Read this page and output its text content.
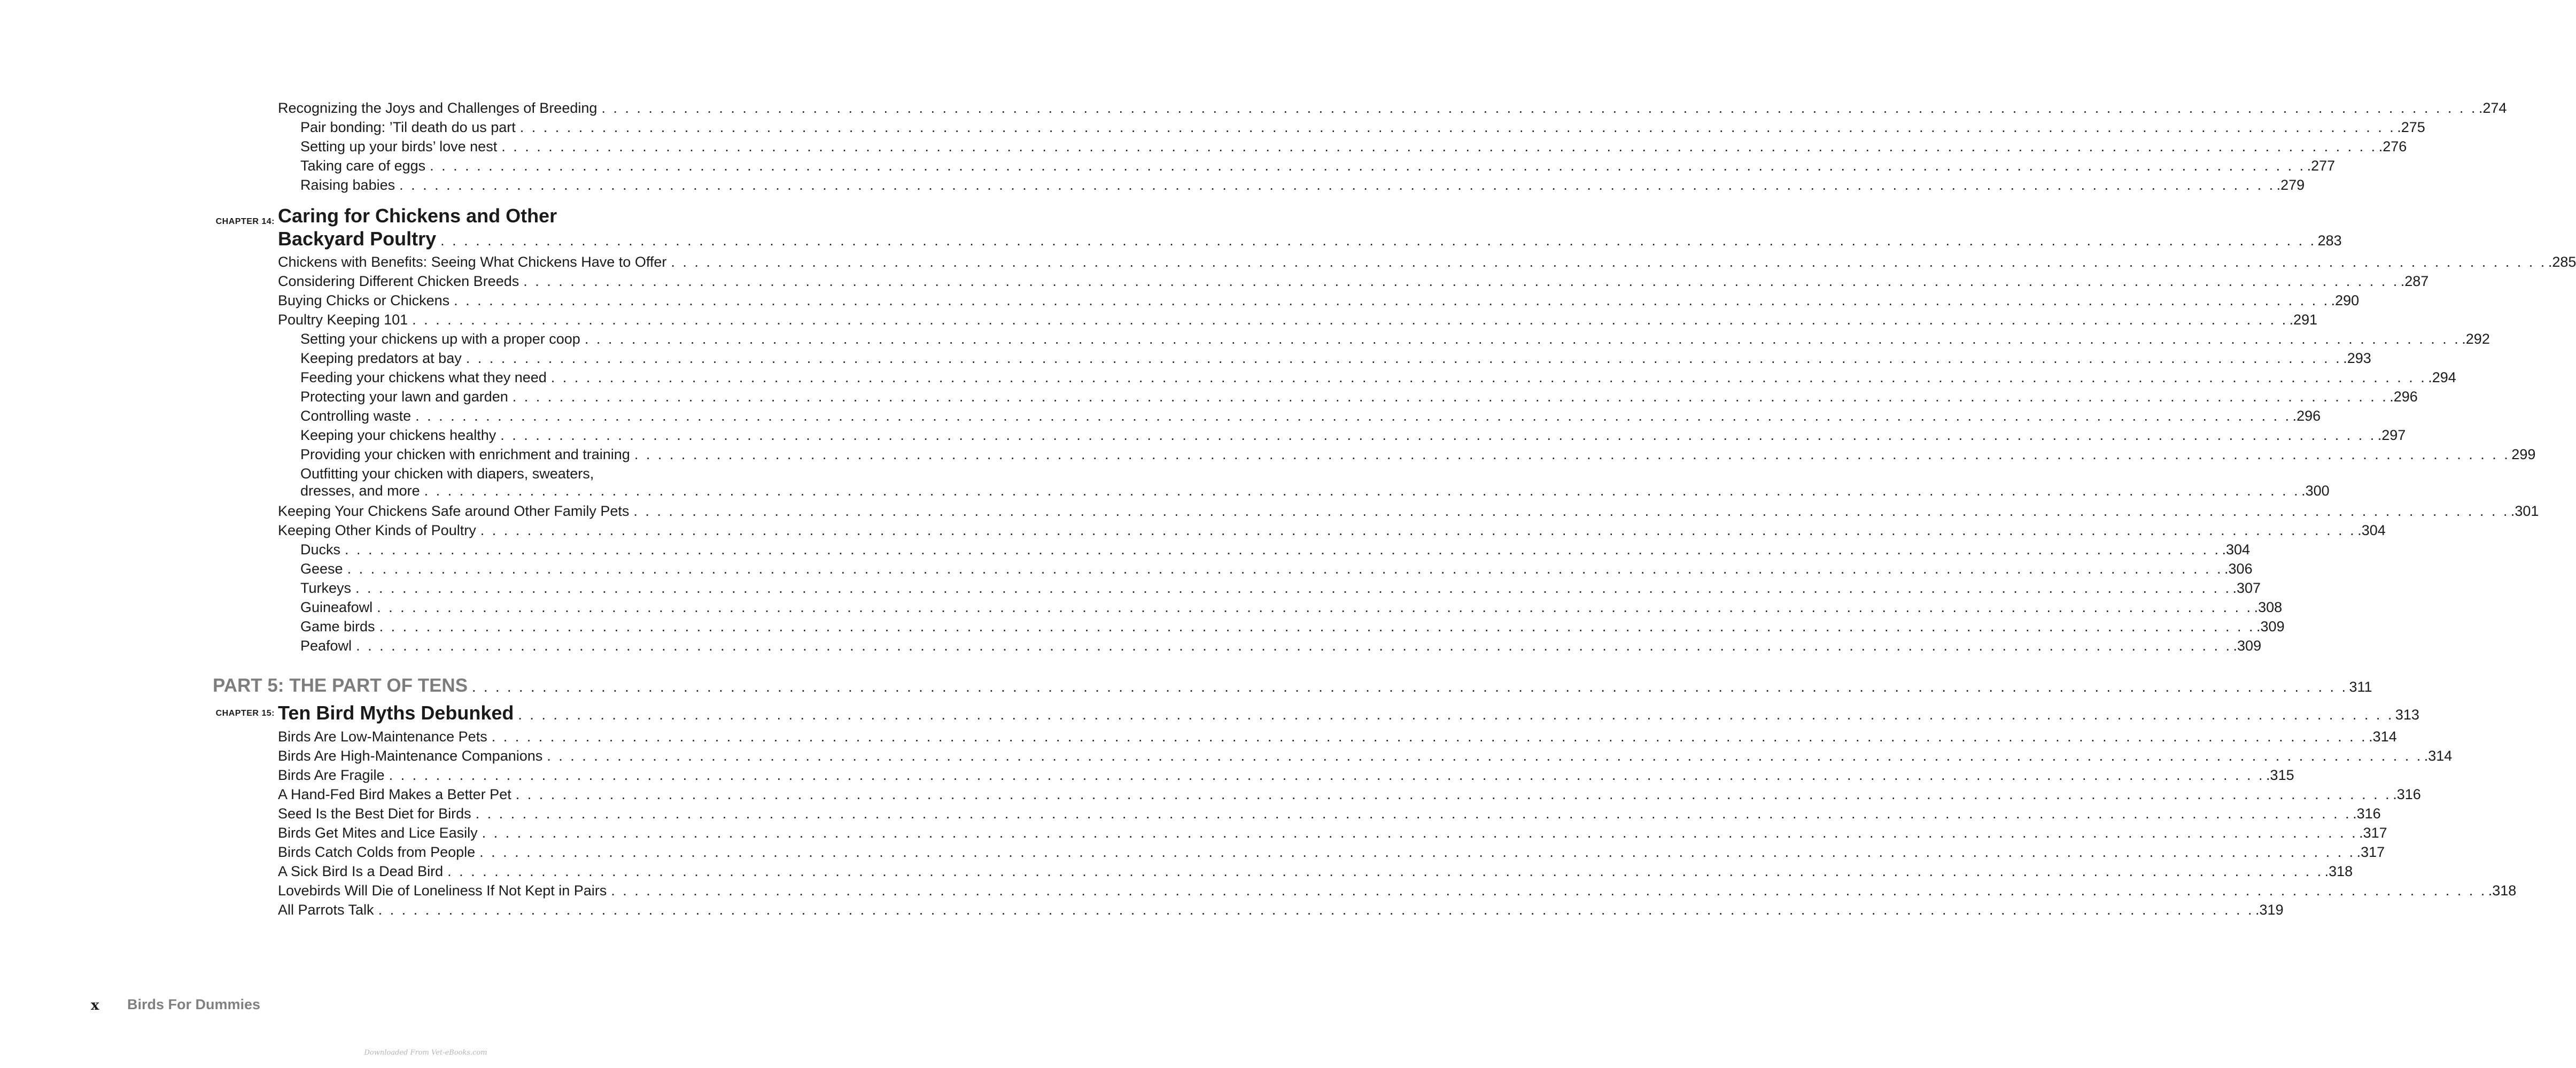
Recognizing the Joys and Challenges of Breeding . . . . . . . . . . . . . . . . . . . . . . . . . . . . . . . . . . . . . . . . . . . . . . . . . . . . . . . . . . . . . . . . . . . . . . . . . . . . . . . . . . . . . . . . . . . . . . . . . . . . . . . . . . . . . . . . . . . . . . . . . . . . . . . . . . . . . . . . . . . . . . . . . . . . . . . . . . . . . . . . .274
Pair bonding: ’Til death do us part . . . . . . . . . . . . . . . . . . . . . . . . . . . . . . . . . . . . . . . . . . . . . . . . . . . . . . . . . . . . . . . . . . . . . . . . . . . . . . . . . . . . . . . . . . . . . . . . . . . . . . . . . . . . . . . . . . . . . . . . . . . . . . . . . . . . . . . . . . . . . . . . . . . . . . . . . . . . . . . . .275
Setting up your birds’ love nest . . . . . . . . . . . . . . . . . . . . . . . . . . . . . . . . . . . . . . . . . . . . . . . . . . . . . . . . . . . . . . . . . . . . . . . . . . . . . . . . . . . . . . . . . . . . . . . . . . . . . . . . . . . . . . . . . . . . . . . . . . . . . . . . . . . . . . . . . . . . . . . . . . . . . . . . . . . . . . . . .276
Taking care of eggs . . . . . . . . . . . . . . . . . . . . . . . . . . . . . . . . . . . . . . . . . . . . . . . . . . . . . . . . . . . . . . . . . . . . . . . . . . . . . . . . . . . . . . . . . . . . . . . . . . . . . . . . . . . . . . . . . . . . . . . . . . . . . . . . . . . . . . . . . . . . . . . . . . . . . . . . . . . . . . . . .277
Raising babies . . . . . . . . . . . . . . . . . . . . . . . . . . . . . . . . . . . . . . . . . . . . . . . . . . . . . . . . . . . . . . . . . . . . . . . . . . . . . . . . . . . . . . . . . . . . . . . . . . . . . . . . . . . . . . . . . . . . . . . . . . . . . . . . . . . . . . . . . . . . . . . . . . . . . . . . . . . . . . . . .279
CHAPTER 14: Caring for Chickens and Other
Backyard Poultry . . . . . . . . . . . . . . . . . . . . . . . . . . . . . . . . . . . . . . . . . . . . . . . . . . . . . . . . . . . . . . . . . . . . . . . . . . . . . . . . . . . . . . . . . . . . . . . . . . . . . . . . . . . . . . . . . . . . . . . . . . . . . . . . . . . . . . . . . . . . . . . . . . . . . . . . . . . . . . . . 283
Chickens with Benefits: Seeing What Chickens Have to Offer . . . . . . . . . . . . . . . . . . . . . . . . . . . . . . . . . . . . . . . . . . . . . . . . . . . . . . . . . . . . . . . . . . . . . . . . . . . . . . . . . . . . . . . . . . . . . . . . . . . . . . . . . . . . . . . . . . . . . . . . . . . . . . . . . . . . . . . . . . . . . . . . . . . . . . . . . . . . . . . . .285
Considering Different Chicken Breeds . . . . . . . . . . . . . . . . . . . . . . . . . . . . . . . . . . . . . . . . . . . . . . . . . . . . . . . . . . . . . . . . . . . . . . . . . . . . . . . . . . . . . . . . . . . . . . . . . . . . . . . . . . . . . . . . . . . . . . . . . . . . . . . . . . . . . . . . . . . . . . . . . . . . . . . . . . . . . . . . .287
Buying Chicks or Chickens . . . . . . . . . . . . . . . . . . . . . . . . . . . . . . . . . . . . . . . . . . . . . . . . . . . . . . . . . . . . . . . . . . . . . . . . . . . . . . . . . . . . . . . . . . . . . . . . . . . . . . . . . . . . . . . . . . . . . . . . . . . . . . . . . . . . . . . . . . . . . . . . . . . . . . . . . . . . . . . . .290
Poultry Keeping 101 . . . . . . . . . . . . . . . . . . . . . . . . . . . . . . . . . . . . . . . . . . . . . . . . . . . . . . . . . . . . . . . . . . . . . . . . . . . . . . . . . . . . . . . . . . . . . . . . . . . . . . . . . . . . . . . . . . . . . . . . . . . . . . . . . . . . . . . . . . . . . . . . . . . . . . . . . . . . . . . . .291
Setting your chickens up with a proper coop . . . . . . . . . . . . . . . . . . . . . . . . . . . . . . . . . . . . . . . . . . . . . . . . . . . . . . . . . . . . . . . . . . . . . . . . . . . . . . . . . . . . . . . . . . . . . . . . . . . . . . . . . . . . . . . . . . . . . . . . . . . . . . . . . . . . . . . . . . . . . . . . . . . . . . . . . . . . . . . . .292
Keeping predators at bay . . . . . . . . . . . . . . . . . . . . . . . . . . . . . . . . . . . . . . . . . . . . . . . . . . . . . . . . . . . . . . . . . . . . . . . . . . . . . . . . . . . . . . . . . . . . . . . . . . . . . . . . . . . . . . . . . . . . . . . . . . . . . . . . . . . . . . . . . . . . . . . . . . . . . . . . . . . . . . . . .293
Feeding your chickens what they need . . . . . . . . . . . . . . . . . . . . . . . . . . . . . . . . . . . . . . . . . . . . . . . . . . . . . . . . . . . . . . . . . . . . . . . . . . . . . . . . . . . . . . . . . . . . . . . . . . . . . . . . . . . . . . . . . . . . . . . . . . . . . . . . . . . . . . . . . . . . . . . . . . . . . . . . . . . . . . . . .294
Protecting your lawn and garden . . . . . . . . . . . . . . . . . . . . . . . . . . . . . . . . . . . . . . . . . . . . . . . . . . . . . . . . . . . . . . . . . . . . . . . . . . . . . . . . . . . . . . . . . . . . . . . . . . . . . . . . . . . . . . . . . . . . . . . . . . . . . . . . . . . . . . . . . . . . . . . . . . . . . . . . . . . . . . . . .296
Controlling waste . . . . . . . . . . . . . . . . . . . . . . . . . . . . . . . . . . . . . . . . . . . . . . . . . . . . . . . . . . . . . . . . . . . . . . . . . . . . . . . . . . . . . . . . . . . . . . . . . . . . . . . . . . . . . . . . . . . . . . . . . . . . . . . . . . . . . . . . . . . . . . . . . . . . . . . . . . . . . . . . .296
Keeping your chickens healthy . . . . . . . . . . . . . . . . . . . . . . . . . . . . . . . . . . . . . . . . . . . . . . . . . . . . . . . . . . . . . . . . . . . . . . . . . . . . . . . . . . . . . . . . . . . . . . . . . . . . . . . . . . . . . . . . . . . . . . . . . . . . . . . . . . . . . . . . . . . . . . . . . . . . . . . . . . . . . . . . .297
Providing your chicken with enrichment and training . . . . . . . . . . . . . . . . . . . . . . . . . . . . . . . . . . . . . . . . . . . . . . . . . . . . . . . . . . . . . . . . . . . . . . . . . . . . . . . . . . . . . . . . . . . . . . . . . . . . . . . . . . . . . . . . . . . . . . . . . . . . . . . . . . . . . . . . . . . . . . . . . . . . . . . . . . . . . . . . 299
Outfitting your chicken with diapers, sweaters,
dresses, and more . . . . . . . . . . . . . . . . . . . . . . . . . . . . . . . . . . . . . . . . . . . . . . . . . . . . . . . . . . . . . . . . . . . . . . . . . . . . . . . . . . . . . . . . . . . . . . . . . . . . . . . . . . . . . . . . . . . . . . . . . . . . . . . . . . . . . . . . . . . . . . . . . . . . . . . . . . . . . . . . .300
Keeping Your Chickens Safe around Other Family Pets . . . . . . . . . . . . . . . . . . . . . . . . . . . . . . . . . . . . . . . . . . . . . . . . . . . . . . . . . . . . . . . . . . . . . . . . . . . . . . . . . . . . . . . . . . . . . . . . . . . . . . . . . . . . . . . . . . . . . . . . . . . . . . . . . . . . . . . . . . . . . . . . . . . . . . . . . . . . . . . . .301
Keeping Other Kinds of Poultry . . . . . . . . . . . . . . . . . . . . . . . . . . . . . . . . . . . . . . . . . . . . . . . . . . . . . . . . . . . . . . . . . . . . . . . . . . . . . . . . . . . . . . . . . . . . . . . . . . . . . . . . . . . . . . . . . . . . . . . . . . . . . . . . . . . . . . . . . . . . . . . . . . . . . . . . . . . . . . . . .304
Ducks . . . . . . . . . . . . . . . . . . . . . . . . . . . . . . . . . . . . . . . . . . . . . . . . . . . . . . . . . . . . . . . . . . . . . . . . . . . . . . . . . . . . . . . . . . . . . . . . . . . . . . . . . . . . . . . . . . . . . . . . . . . . . . . . . . . . . . . . . . . . . . . . . . . . . . . . . . . . . . . . .304
Geese . . . . . . . . . . . . . . . . . . . . . . . . . . . . . . . . . . . . . . . . . . . . . . . . . . . . . . . . . . . . . . . . . . . . . . . . . . . . . . . . . . . . . . . . . . . . . . . . . . . . . . . . . . . . . . . . . . . . . . . . . . . . . . . . . . . . . . . . . . . . . . . . . . . . . . . . . . . . . . . . .306
Turkeys . . . . . . . . . . . . . . . . . . . . . . . . . . . . . . . . . . . . . . . . . . . . . . . . . . . . . . . . . . . . . . . . . . . . . . . . . . . . . . . . . . . . . . . . . . . . . . . . . . . . . . . . . . . . . . . . . . . . . . . . . . . . . . . . . . . . . . . . . . . . . . . . . . . . . . . . . . . . . . . . .307
Guineafowl . . . . . . . . . . . . . . . . . . . . . . . . . . . . . . . . . . . . . . . . . . . . . . . . . . . . . . . . . . . . . . . . . . . . . . . . . . . . . . . . . . . . . . . . . . . . . . . . . . . . . . . . . . . . . . . . . . . . . . . . . . . . . . . . . . . . . . . . . . . . . . . . . . . . . . . . . . . . . . . . .308
Game birds . . . . . . . . . . . . . . . . . . . . . . . . . . . . . . . . . . . . . . . . . . . . . . . . . . . . . . . . . . . . . . . . . . . . . . . . . . . . . . . . . . . . . . . . . . . . . . . . . . . . . . . . . . . . . . . . . . . . . . . . . . . . . . . . . . . . . . . . . . . . . . . . . . . . . . . . . . . . . . . . .309
Peafowl . . . . . . . . . . . . . . . . . . . . . . . . . . . . . . . . . . . . . . . . . . . . . . . . . . . . . . . . . . . . . . . . . . . . . . . . . . . . . . . . . . . . . . . . . . . . . . . . . . . . . . . . . . . . . . . . . . . . . . . . . . . . . . . . . . . . . . . . . . . . . . . . . . . . . . . . . . . . . . . . .309
PART 5: THE PART OF TENS . . . . . . . . . . . . . . . . . . . . . . . . . . . . . . . . . . . . . . . . . . . . . . . . . . . . . . . . . . . . . . . . . . . . . . . . . . . . . . . . . . . . . . . . . . . . . . . . . . . . . . . . . . . . . . . . . . . . . . . . . . . . . . . . . . . . . . . . . . . . . . . . . . . . . . . . . . . . . . . . 311
CHAPTER 15: Ten Bird Myths Debunked . . . . . . . . . . . . . . . . . . . . . . . . . . . . . . . . . . . . . . . . . . . . . . . . . . . . . . . . . . . . . . . . . . . . . . . . . . . . . . . . . . . . . . . . . . . . . . . . . . . . . . . . . . . . . . . . . . . . . . . . . . . . . . . . . . . . . . . . . . . . . . . . . . . . . . . . . . . . . . . . 313
Birds Are Low-Maintenance Pets . . . . . . . . . . . . . . . . . . . . . . . . . . . . . . . . . . . . . . . . . . . . . . . . . . . . . . . . . . . . . . . . . . . . . . . . . . . . . . . . . . . . . . . . . . . . . . . . . . . . . . . . . . . . . . . . . . . . . . . . . . . . . . . . . . . . . . . . . . . . . . . . . . . . . . . . . . . . . . . . .314
Birds Are High-Maintenance Companions . . . . . . . . . . . . . . . . . . . . . . . . . . . . . . . . . . . . . . . . . . . . . . . . . . . . . . . . . . . . . . . . . . . . . . . . . . . . . . . . . . . . . . . . . . . . . . . . . . . . . . . . . . . . . . . . . . . . . . . . . . . . . . . . . . . . . . . . . . . . . . . . . . . . . . . . . . . . . . . . .314
Birds Are Fragile . . . . . . . . . . . . . . . . . . . . . . . . . . . . . . . . . . . . . . . . . . . . . . . . . . . . . . . . . . . . . . . . . . . . . . . . . . . . . . . . . . . . . . . . . . . . . . . . . . . . . . . . . . . . . . . . . . . . . . . . . . . . . . . . . . . . . . . . . . . . . . . . . . . . . . . . . . . . . . . . .315
A Hand-Fed Bird Makes a Better Pet . . . . . . . . . . . . . . . . . . . . . . . . . . . . . . . . . . . . . . . . . . . . . . . . . . . . . . . . . . . . . . . . . . . . . . . . . . . . . . . . . . . . . . . . . . . . . . . . . . . . . . . . . . . . . . . . . . . . . . . . . . . . . . . . . . . . . . . . . . . . . . . . . . . . . . . . . . . . . . . . .316
Seed Is the Best Diet for Birds . . . . . . . . . . . . . . . . . . . . . . . . . . . . . . . . . . . . . . . . . . . . . . . . . . . . . . . . . . . . . . . . . . . . . . . . . . . . . . . . . . . . . . . . . . . . . . . . . . . . . . . . . . . . . . . . . . . . . . . . . . . . . . . . . . . . . . . . . . . . . . . . . . . . . . . . . . . . . . . . .316
Birds Get Mites and Lice Easily . . . . . . . . . . . . . . . . . . . . . . . . . . . . . . . . . . . . . . . . . . . . . . . . . . . . . . . . . . . . . . . . . . . . . . . . . . . . . . . . . . . . . . . . . . . . . . . . . . . . . . . . . . . . . . . . . . . . . . . . . . . . . . . . . . . . . . . . . . . . . . . . . . . . . . . . . . . . . . . . .317
Birds Catch Colds from People . . . . . . . . . . . . . . . . . . . . . . . . . . . . . . . . . . . . . . . . . . . . . . . . . . . . . . . . . . . . . . . . . . . . . . . . . . . . . . . . . . . . . . . . . . . . . . . . . . . . . . . . . . . . . . . . . . . . . . . . . . . . . . . . . . . . . . . . . . . . . . . . . . . . . . . . . . . . . . . . .317
A Sick Bird Is a Dead Bird . . . . . . . . . . . . . . . . . . . . . . . . . . . . . . . . . . . . . . . . . . . . . . . . . . . . . . . . . . . . . . . . . . . . . . . . . . . . . . . . . . . . . . . . . . . . . . . . . . . . . . . . . . . . . . . . . . . . . . . . . . . . . . . . . . . . . . . . . . . . . . . . . . . . . . . . . . . . . . . . .318
Lovebirds Will Die of Loneliness If Not Kept in Pairs . . . . . . . . . . . . . . . . . . . . . . . . . . . . . . . . . . . . . . . . . . . . . . . . . . . . . . . . . . . . . . . . . . . . . . . . . . . . . . . . . . . . . . . . . . . . . . . . . . . . . . . . . . . . . . . . . . . . . . . . . . . . . . . . . . . . . . . . . . . . . . . . . . . . . . . . . . . . . . . . .318
All Parrots Talk . . . . . . . . . . . . . . . . . . . . . . . . . . . . . . . . . . . . . . . . . . . . . . . . . . . . . . . . . . . . . . . . . . . . . . . . . . . . . . . . . . . . . . . . . . . . . . . . . . . . . . . . . . . . . . . . . . . . . . . . . . . . . . . . . . . . . . . . . . . . . . . . . . . . . . . . . . . . . . . . .319
x Birds For Dummies
Downloaded From Vet-eBooks.com
